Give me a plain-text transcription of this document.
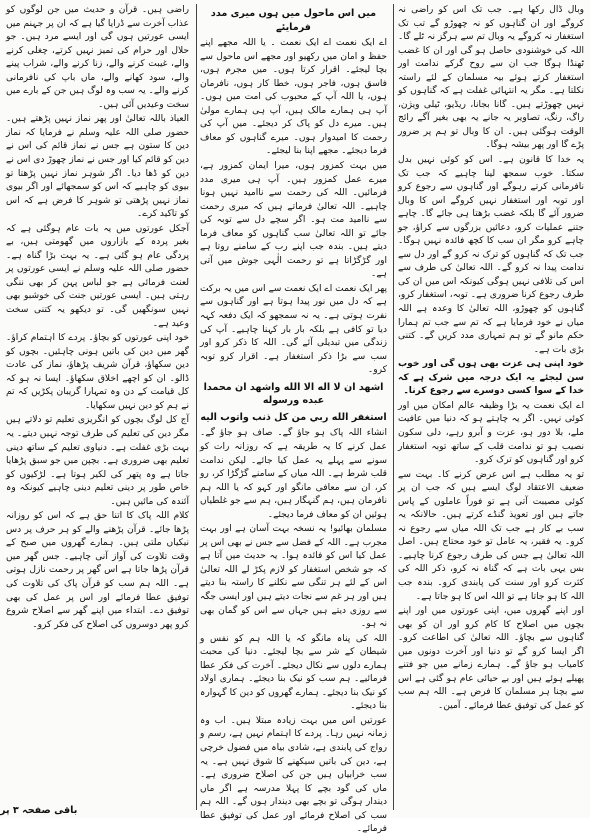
وبال ڈال رکھا ہے۔ جب تک اس کو راضی نہ کروگے اور ان گناہوں کو نہ چھوڑو گے تب تک استغفار نہ کروگے یہ وبال تم سے ہرگز نہ ٹلے گا۔ اللہ کی خوشنودی حاصل ہو گی اور ان کا غضب ٹھنڈا ہوگا جب ان سے روح گرکے ندامت اور استغفار کرتے ہوئے بیہ مسلمان کے لئے راستہ نکلتا ہے۔ مگر یہ انتہائی غفلت ہے کہ گناہوں کو نہیں چھوڑتے ہیں۔ گانا بجانا، ریڈیو، ٹیلی ویژن، راگ، رنگ، تصاویر یہ جانے یہ بھی بغیر آگے رائج الوقت ہوگئی ہیں۔ ان کا وبال تو ہم پر ضرور پڑے گا اور پھر بیشہ ہوگا۔

یہ خدا کا قانون ہے۔ اس کو کوئی نہیں بدل سکتا۔ خوب سمجھ لینا چاہیے کہ جب تک نافرمانی کرتے رہوگے اور گناہوں سے رجوع کرو اور توبہ اور استغفار نہیں کروگے اس کا وبال ضرور آئے گا بلکہ غضب بڑھتا ہی جائے گا۔ چاہے جتنے عملیات کرو، دعائیں بزرگوں سے کراؤ، جو چاہے کرو مگر ان سب کا کچھ فائدہ نہیں ہوگا۔ جب تک کہ گناہوں کو ترک نہ کرو گے اور دل سے ندامت پیدا نہ کرو گے۔ اللہ تعالیٰ کی طرف سے اس کی تلافی نہیں ہوگی کیونکہ اس میں ان کی طرف رجوع کرنا ضروری ہے۔ توبہ، استغفار کرو، گناہوں کو چھوڑو، اللہ تعالیٰ کا وعدہ ہے اللہ میاں نے خود فرمایا ہے کہ تم سے جب تم ہمارا حکم مانو گے تو ہم تمہاری مدد کریں گے۔ کتنی بڑی بات ہے۔

خود اپنی ہی عزت بھی ہوں گی اور خوب سن لیجئے یہ ایک درجہ میں شرک ہے کہ خدا کے سوا کسی دوسرے سے رجوع کرنا۔

اے ایک نعمت یہ بڑا وظیفہ عالم امکان میں اور کوئی نہیں۔ اگر یہ چاہتے ہو کہ دنیا میں عافیت ملے، بلا دور ہو، عزت و آبرو رہے، دلی سکون نصیب ہو تو ندامت قلب کے ساتھ توبہ استغفار کرو اور گناہوں کو ترک کرو۔

تو یہ مطلب ہے اس عرض کرنے کا۔ بہت سے ضعیف الاعتقاد لوگ ایسے ہیں کہ جب ان پر کوئی مصیبت آتی ہے تو فوراً عاملوں کے پاس جاتے ہیں اور تعویذ گنڈے کرتے ہیں۔ حالانکہ یہ سب بے کار ہے جب تک اللہ میاں سے رجوع نہ کرو۔ یہ فقیر، یہ عامل تو خود محتاج ہیں۔ اصل اللہ تعالیٰ ہے جس کی طرف رجوع کرنا چاہیے۔ بس یہی بات ہے کہ گناہ نہ کرو، ذکر اللہ کی کثرت کرو اور سنت کی پابندی کرو۔ بندہ جب اللہ کا ہو جاتا ہے تو اللہ اس کا ہو جاتا ہے۔

اور اپنے گھروں میں، اپنی عورتوں میں اور اپنے بچوں میں اصلاح کا کام کرو اور ان کو بھی گناہوں سے بچاؤ۔ اللہ تعالیٰ کی اطاعت کرو۔ اگر ایسا کرو گے تو دنیا اور آخرت دونوں میں کامیاب ہو جاؤ گے۔ ہمارے زمانے میں جو فتنے پھیلے ہوئے ہیں اور بے حیائی عام ہو گئی ہے اس سے بچنا ہر مسلمان کا فرض ہے۔ اللہ ہم سب کو عمل کی توفیق عطا فرمائے۔ آمین۔

میں اس ماحول میں ہوں میری مدد فرمایئے

اے ایک نعمت اے ایک نعمت ۔ یا اللہ مجھے اپنے حفظ و امان میں رکھیو اور مجھے اس ماحول سے بچا لیجئے۔ اقرار کرتا ہوں۔ میں مجرم ہوں، فاسق ہوں، فاجر ہوں، خطا کار ہوں، نافرمان ہوں، یا اللہ آپ کے محبوب کی امت میں ہوں۔ آپ ہی ہمارے مالک ہیں، آپ ہی ہمارے مولیٰ ہیں۔ میرے دل کو پاک کر دیجئے۔ میں آپ کی رحمت کا امیدوار ہوں۔ میرے گناہوں کو معاف فرما دیجئے۔ مجھے اپنا بنا لیجئے۔

میں بہت کمزور ہوں، میرا ایمان کمزور ہے، میرے عمل کمزور ہیں۔ آپ ہی میری مدد فرمائیں۔ اللہ کی رحمت سے ناامید نہیں ہونا چاہیے۔ اللہ تعالیٰ فرماتے ہیں کہ میری رحمت سے ناامید مت ہو۔ اگر سچے دل سے توبہ کی جائے تو اللہ تعالیٰ سب گناہوں کو معاف فرما دیتے ہیں۔ بندہ جب اپنے رب کے سامنے روتا ہے اور گڑگڑاتا ہے تو رحمت الٰہی جوش میں آتی ہے۔

پھر ایک نعمت اے ایک نعمت سے اس میں یہ برکت ہے کہ دل میں نور پیدا ہوتا ہے اور گناہوں سے نفرت ہوتی ہے۔ یہ نہ سمجھو کہ ایک دفعہ کہہ دیا تو کافی ہے بلکہ بار بار کہنا چاہیے۔ آپ کی زندگی میں تبدیلی آئے گی۔ اللہ کا ذکر کرو اور سب سے بڑا ذکر استغفار ہے۔ اقرار کرو توبہ کرو۔

اشهد ان لا اله الا الله واشهد ان محمدا عبده ورسوله

استغفر الله ربي من كل ذنب واتوب اليه

انشاء اللہ پاک ہو جاؤ گے۔ صاف ہو جاؤ گے۔ عمل کرنے کا یہ طریقہ ہے کہ روزانہ رات کو سونے سے پہلے یہ عمل کیا جائے۔ لیکن ندامت قلب شرط ہے۔ اللہ میاں کے سامنے گڑگڑا کر، رو کر، ان سے معافی مانگو اور کہو کہ یا اللہ ہم نافرمان ہیں، ہم گنہگار ہیں، ہم سے جو غلطیاں ہوئیں ان کو معاف فرما دیجئے۔

مسلمان بھائیو! یہ نسخہ بہت آسان ہے اور بہت مجرب ہے۔ اللہ کے فضل سے جس نے بھی اس پر عمل کیا اس کو فائدہ ہوا۔ یہ حدیث میں آتا ہے کہ جو شخص استغفار کو لازم پکڑ لے اللہ تعالیٰ اس کے لئے ہر تنگی سے نکلنے کا راستہ بنا دیتے ہیں اور ہر غم سے نجات دیتے ہیں اور ایسی جگہ سے روزی دیتے ہیں جہاں سے اس کو گمان بھی نہ ہو۔

اللہ کی پناہ مانگو کہ یا اللہ ہم کو نفس و شیطان کے شر سے بچا لیجئے۔ دنیا کی محبت ہمارے دلوں سے نکال دیجئے۔ آخرت کی فکر عطا فرمائیے۔ ہم سب کو نیک بنا دیجئے۔ ہماری اولاد کو نیک بنا دیجئے۔ ہمارے گھروں کو دین کا گہوارہ بنا دیجئے۔

عورتیں اس میں بہت زیادہ مبتلا ہیں۔ اب وہ زمانہ نہیں رہا۔ پردے کا اہتمام نہیں ہے، رسم و رواج کی پابندی ہے، شادی بیاہ میں فضول خرچی ہے، دین کی باتیں سیکھنے کا شوق نہیں ہے۔ یہ سب خرابیاں ہیں جن کی اصلاح ضروری ہے۔ ماں کی گود بچے کا پہلا مدرسہ ہے اگر ماں دیندار ہوگی تو بچے بھی دیندار ہوں گے۔ اللہ ہم سب کی اصلاح فرمائے اور عمل کی توفیق عطا فرمائے۔

راضی ہیں۔ قرآن و حدیث میں جن لوگوں کو عذاب آخرت سے ڈرایا گیا ہے کہ ان پر جہنم میں ایسی عورتیں ہوں گی اور ایسے مرد ہیں۔ جو حلال اور حرام کی تمیز نہیں کرتے، چغلی کرنے والے، غیبت کرنے والے، زنا کرنے والے، شراب پینے والے، سود کھانے والے، ماں باپ کی نافرمانی کرنے والے۔ یہ سب وہ لوگ ہیں جن کے بارے میں سخت وعیدیں آئی ہیں۔

العیاذ باللہ تعالیٰ اور پھر نماز نہیں پڑھتے ہیں۔ حضور صلی اللہ علیہ وسلم نے فرمایا کہ نماز دین کا ستون ہے جس نے نماز قائم کی اس نے دین کو قائم کیا اور جس نے نماز چھوڑ دی اس نے دین کو ڈھا دیا۔ اگر شوہر نماز نہیں پڑھتا تو بیوی کو چاہیے کہ اس کو سمجھائے اور اگر بیوی نماز نہیں پڑھتی تو شوہر کا فرض ہے کہ اس کو تاکید کرے۔

آجکل عورتوں میں یہ بات عام ہوگئی ہے کہ بغیر پردہ کے بازاروں میں گھومتی ہیں، بے پردگی عام ہو گئی ہے۔ یہ بہت بڑا گناہ ہے۔ حضور صلی اللہ علیہ وسلم نے ایسی عورتوں پر لعنت فرمائی ہے جو لباس پہن کر بھی ننگی رہتی ہیں۔ ایسی عورتیں جنت کی خوشبو بھی نہیں سونگھیں گی۔ تو دیکھو یہ کتنی سخت وعید ہے۔

خود اپنی عورتوں کو بچاؤ۔ پردے کا اہتمام کراؤ۔ گھر میں دین کی باتیں ہونی چاہئیں۔ بچوں کو دین سکھاؤ، قرآن شریف پڑھاؤ، نماز کی عادت ڈالو۔ ان کو اچھے اخلاق سکھاؤ۔ ایسا نہ ہو کہ کل قیامت کے دن وہ تمہارا گریبان پکڑیں کہ تم نے ہم کو دین نہیں سکھایا۔

آج کل لوگ بچوں کو انگریزی تعلیم تو دلاتے ہیں مگر دین کی تعلیم کی طرف توجہ نہیں دیتے۔ یہ بہت بڑی غفلت ہے۔ دنیاوی تعلیم کے ساتھ دینی تعلیم بھی ضروری ہے۔ بچپن میں جو سبق پڑھایا جاتا ہے وہ پتھر کی لکیر ہوتا ہے۔ لڑکیوں کو خاص طور پر دینی تعلیم دینی چاہیے کیونکہ وہ آئندہ کی مائیں ہیں۔

کلام اللہ پاک کا اتنا حق ہے کہ اس کو روزانہ پڑھا جائے۔ قرآن پڑھنے والے کو ہر حرف پر دس نیکیاں ملتی ہیں۔ ہمارے گھروں میں صبح کے وقت تلاوت کی آواز آنی چاہیے۔ جس گھر میں قرآن پڑھا جاتا ہے اس گھر پر رحمت نازل ہوتی ہے۔ اللہ ہم سب کو قرآن پاک کی تلاوت کی توفیق عطا فرمائے اور اس پر عمل کی بھی توفیق دے۔ ابتداء میں اپنے گھر سے اصلاح شروع کرو پھر دوسروں کی اصلاح کی فکر کرو۔

باقی صفحہ ۳ پر
